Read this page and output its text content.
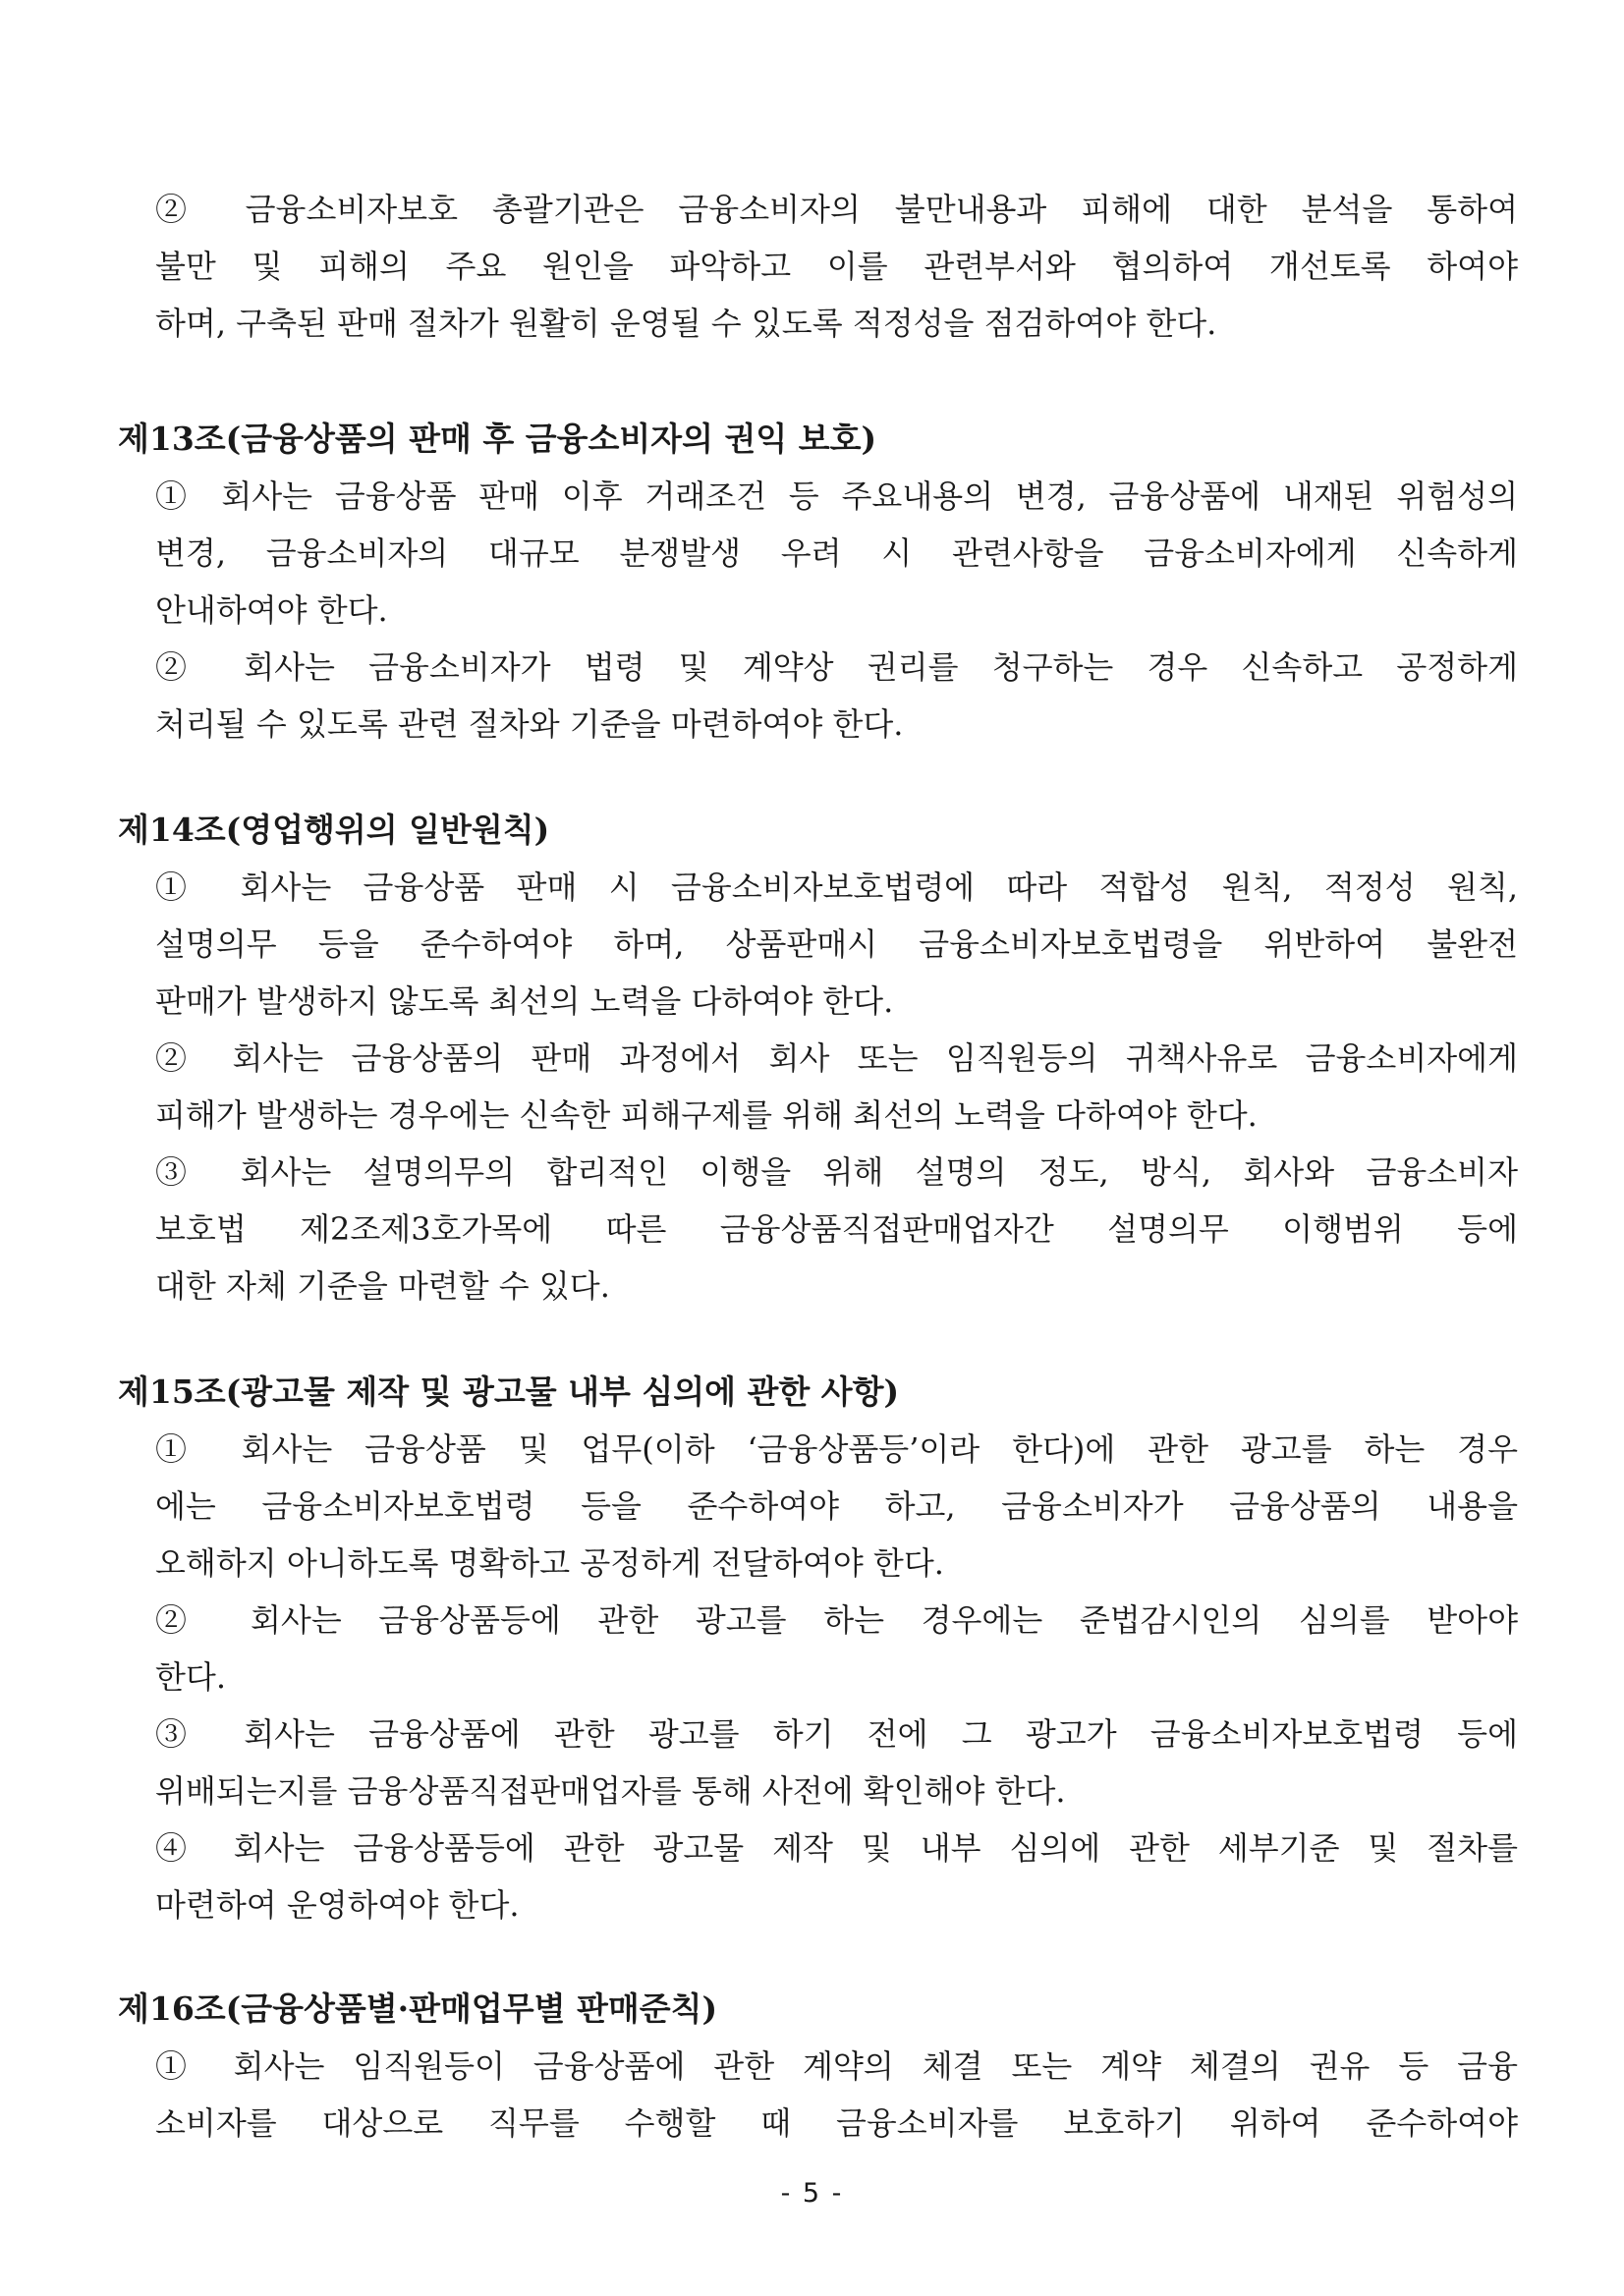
② 금융소비자보호 총괄기관은 금융소비자의 불만내용과 피해에 대한 분석을 통하여
불만 및 피해의 주요 원인을 파악하고 이를 관련부서와 협의하여 개선토록 하여야
하며, 구축된 판매 절차가 원활히 운영될 수 있도록 적정성을 점검하여야 한다.
제13조(금융상품의 판매 후 금융소비자의 권익 보호)
① 회사는 금융상품 판매 이후 거래조건 등 주요내용의 변경, 금융상품에 내재된 위험성의
변경, 금융소비자의 대규모 분쟁발생 우려 시 관련사항을 금융소비자에게 신속하게
안내하여야 한다.
② 회사는 금융소비자가 법령 및 계약상 권리를 청구하는 경우 신속하고 공정하게
처리될 수 있도록 관련 절차와 기준을 마련하여야 한다.
제14조(영업행위의 일반원칙)
① 회사는 금융상품 판매 시 금융소비자보호법령에 따라 적합성 원칙, 적정성 원칙,
설명의무 등을 준수하여야 하며, 상품판매시 금융소비자보호법령을 위반하여 불완전
판매가 발생하지 않도록 최선의 노력을 다하여야 한다.
② 회사는 금융상품의 판매 과정에서 회사 또는 임직원등의 귀책사유로 금융소비자에게
피해가 발생하는 경우에는 신속한 피해구제를 위해 최선의 노력을 다하여야 한다.
③ 회사는 설명의무의 합리적인 이행을 위해 설명의 정도, 방식, 회사와 금융소비자
보호법 제2조제3호가목에 따른 금융상품직접판매업자간 설명의무 이행범위 등에
대한 자체 기준을 마련할 수 있다.
제15조(광고물 제작 및 광고물 내부 심의에 관한 사항)
① 회사는 금융상품 및 업무(이하 ‘금융상품등’이라 한다)에 관한 광고를 하는 경우
에는 금융소비자보호법령 등을 준수하여야 하고, 금융소비자가 금융상품의 내용을
오해하지 아니하도록 명확하고 공정하게 전달하여야 한다.
② 회사는 금융상품등에 관한 광고를 하는 경우에는 준법감시인의 심의를 받아야
한다.
③ 회사는 금융상품에 관한 광고를 하기 전에 그 광고가 금융소비자보호법령 등에
위배되는지를 금융상품직접판매업자를 통해 사전에 확인해야 한다.
④ 회사는 금융상품등에 관한 광고물 제작 및 내부 심의에 관한 세부기준 및 절차를
마련하여 운영하여야 한다.
제16조(금융상품별·판매업무별 판매준칙)
① 회사는 임직원등이 금융상품에 관한 계약의 체결 또는 계약 체결의 권유 등 금융
소비자를 대상으로 직무를 수행할 때 금융소비자를 보호하기 위하여 준수하여야
- 5 -
